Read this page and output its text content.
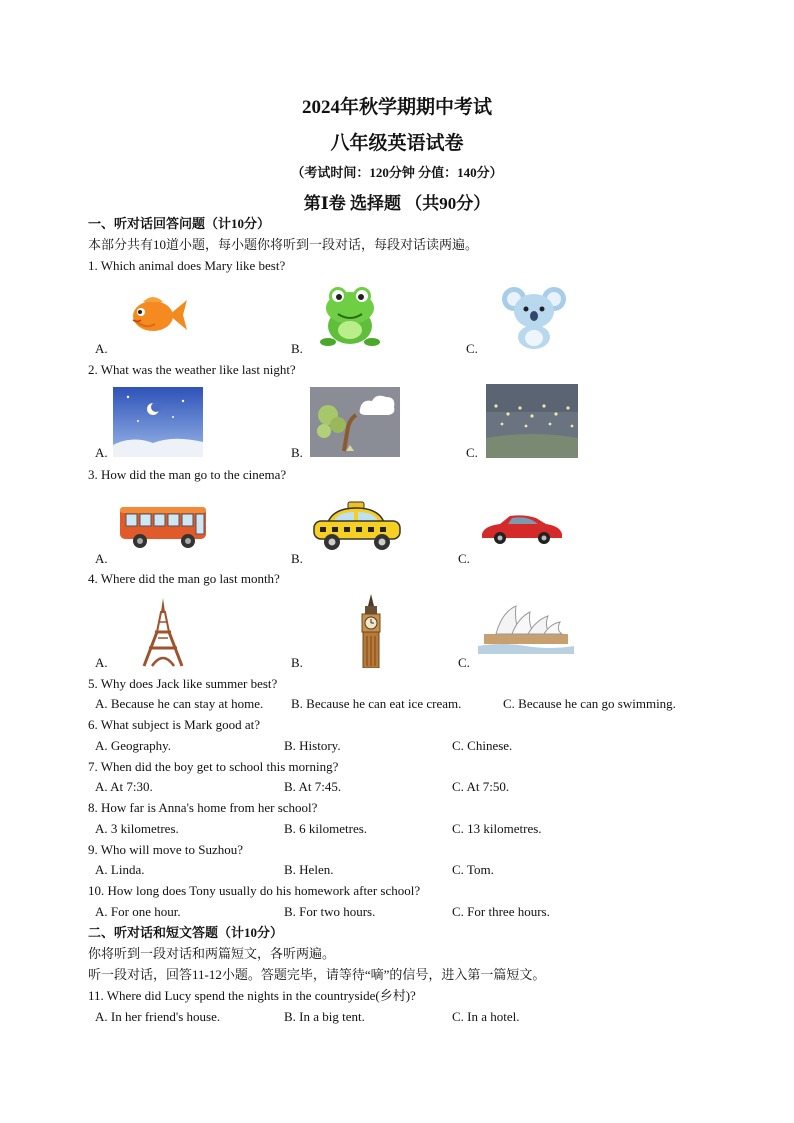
2024年秋学期期中考试
八年级英语试卷
（考试时间：120分钟 分值：140分）
第Ⅰ卷 选择题 （共90分）
一、听对话回答问题（计10分）
本部分共有10道小题，每小题你将听到一段对话，每段对话读两遍。
1. Which animal does Mary like best?
A.	B.	C.
2. What was the weather like last night?
A.	B.	C.
3. How did the man go to the cinema?
A.	B.	C.
4. Where did the man go last month?
A.	B.	C.
5. Why does Jack like summer best?
A. Because he can stay at home. B. Because he can eat ice cream.	C. Because he can go swimming.
6. What subject is Mark good at?
A. Geography.	B. History.	C. Chinese.
7. When did the boy get to school this morning?
A. At 7:30.	B. At 7:45.	C. At 7:50.
8. How far is Anna's home from her school?
A. 3 kilometres.	B. 6 kilometres.	C. 13 kilometres.
9. Who will move to Suzhou?
A. Linda.	B. Helen.	C. Tom.
10. How long does Tony usually do his homework after school?
A. For one hour.	B. For two hours.	C. For three hours.
二、听对话和短文答题（计10分）
你将听到一段对话和两篇短文，各听两遍。
听一段对话，回答11-12小题。答题完毕，请等待“嘀”的信号，进入第一篇短文。
11. Where did Lucy spend the nights in the countryside(乡村)?
A. In her friend's house.	B. In a big tent.	C. In a hotel.
